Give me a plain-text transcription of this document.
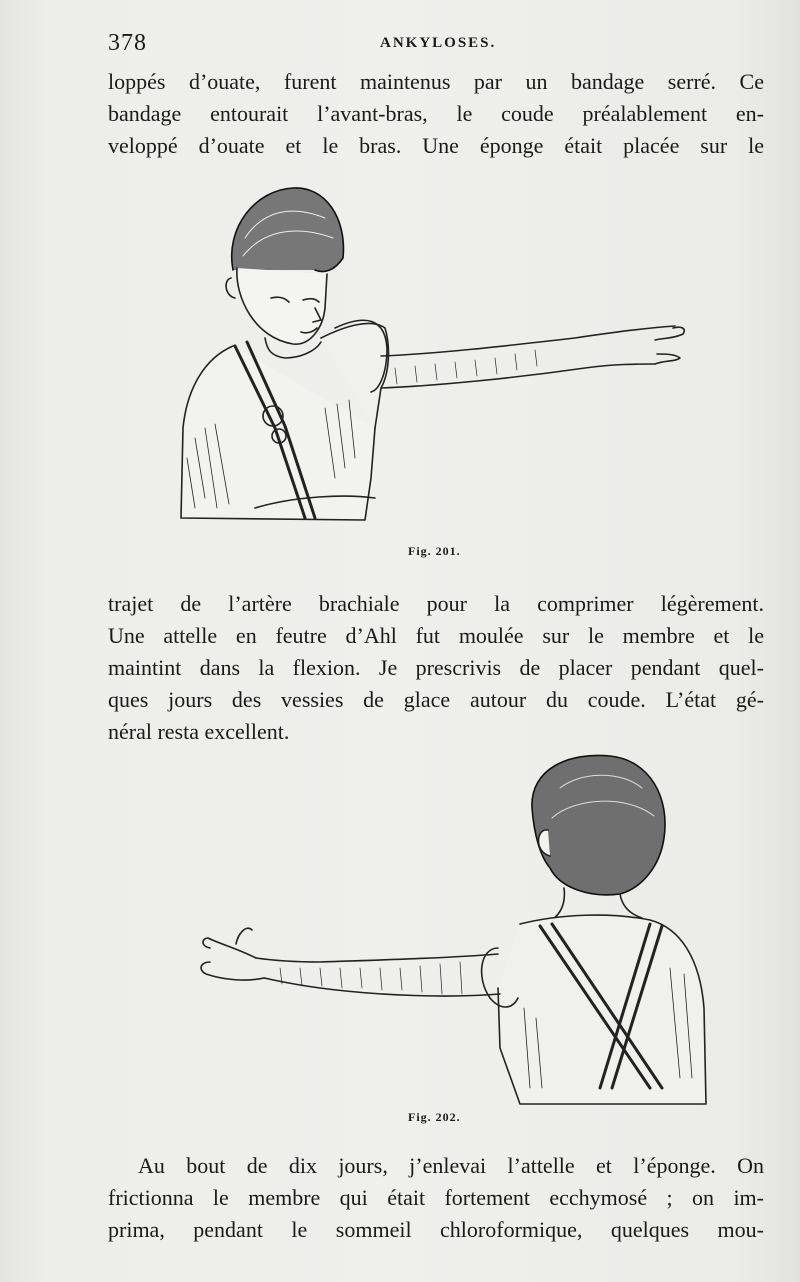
378	ANKYLOSES.
loppés d’ouate, furent maintenus par un bandage serré. Ce
bandage entourait l’avant-bras, le coude préalablement en-
veloppé d’ouate et le bras. Une éponge était placée sur le
Fig. 201.
trajet de l’artère brachiale pour la comprimer légèrement.
Une attelle en feutre d’Ahl fut moulée sur le membre et le
maintint dans la flexion. Je prescrivis de placer pendant quel-
ques jours des vessies de glace autour du coude. L’état gé-
néral resta excellent.
Fig. 202.
Au bout de dix jours, j’enlevai l’attelle et l’éponge. On
frictionna le membre qui était fortement ecchymosé ; on im-
prima, pendant le sommeil chloroformique, quelques mou-
